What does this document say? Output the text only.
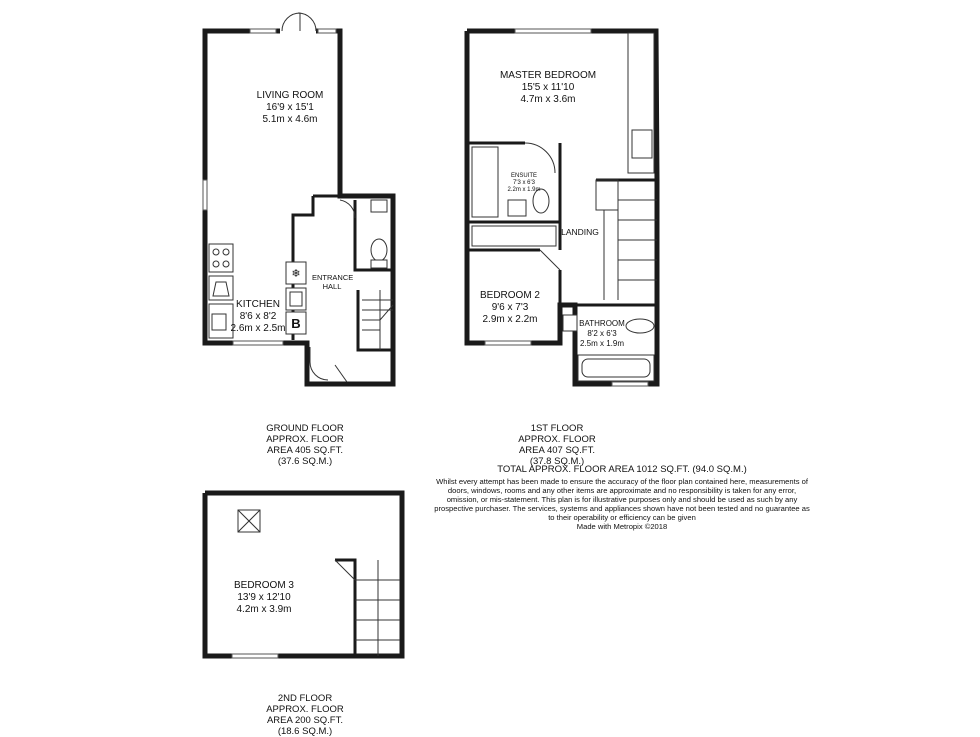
❄
B
LIVING ROOM
16'9 x 15'1
5.1m x 4.6m
KITCHEN
8'6 x 8'2
2.6m x 2.5m
ENTRANCE
HALL
MASTER BEDROOM
15'5 x 11'10
4.7m x 3.6m
ENSUITE
7'3 x 6'3
2.2m x 1.9m
LANDING
BEDROOM 2
9'6 x 7'3
2.9m x 2.2m	BATHROOM
8'2 x 6'3
2.5m x 1.9m
BEDROOM 3
13'9 x 12'10
4.2m x 3.9m
GROUND FLOOR
APPROX. FLOOR
AREA 405 SQ.FT.
(37.6 SQ.M.)
1ST FLOOR
APPROX. FLOOR
AREA 407 SQ.FT.
(37.8 SQ.M.)
2ND FLOOR
APPROX. FLOOR
AREA 200 SQ.FT.
(18.6 SQ.M.)
TOTAL APPROX. FLOOR AREA 1012 SQ.FT. (94.0 SQ.M.)
Whilst every attempt has been made to ensure the accuracy of the floor plan contained here, measurements of doors, windows, rooms and any other items are approximate and no responsibility is taken for any error, omission, or mis-statement. This plan is for illustrative purposes only and should be used as such by any prospective purchaser. The services, systems and appliances shown have not been tested and no guarantee as to their operability or efficiency can be given
Made with Metropix ©2018
